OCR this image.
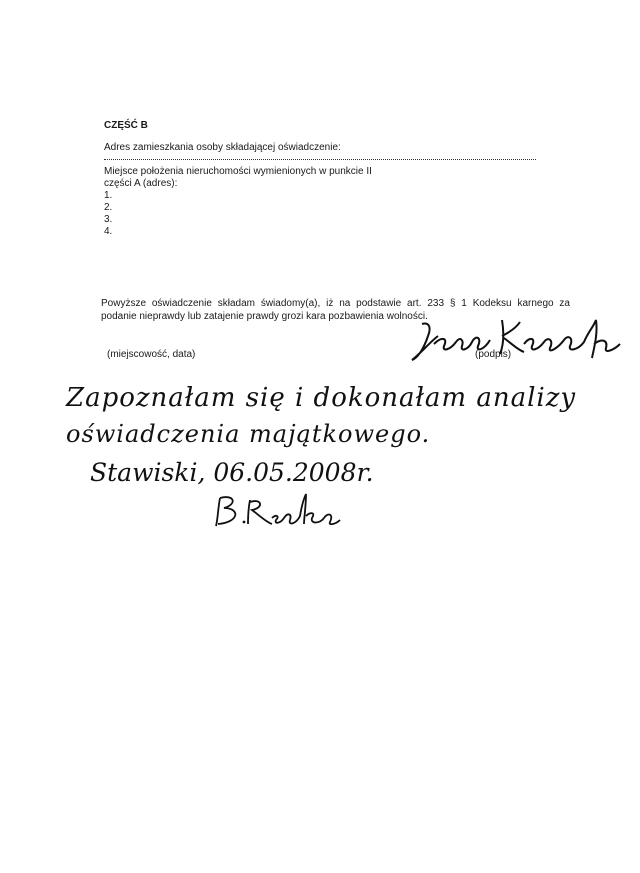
CZĘŚĆ B
Adres zamieszkania osoby składającej oświadczenie:
Miejsce położenia nieruchomości wymienionych w punkcie II
części A (adres):
1.
2.
3.
4.
Powyższe oświadczenie składam świadomy(a), iż na podstawie art. 233 § 1 Kodeksu karnego za
podanie nieprawdy lub zatajenie prawdy grozi kara pozbawienia wolności.
(miejscowość, data)	(podpis)
Zapoznałam się i dokonałam analizy
oświadczenia majątkowego.
Stawiski, 06.05.2008r.
